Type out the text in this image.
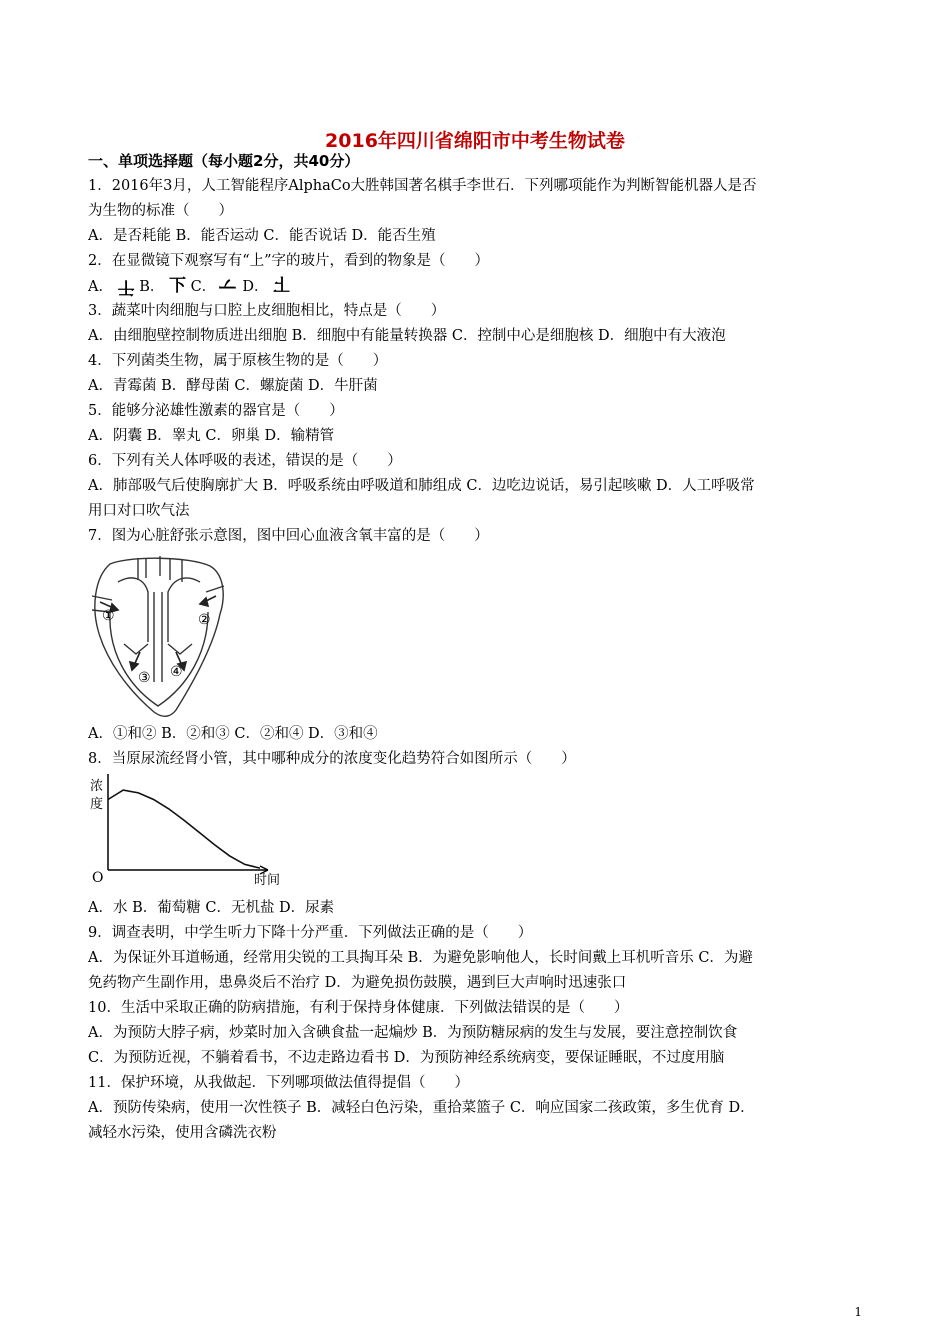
2016年四川省绵阳市中考生物试卷
一、单项选择题（每小题2分，共40分）
1．2016年3月，人工智能程序AlphaCo大胜韩国著名棋手李世石．下列哪项能作为判断智能机器人是否
为生物的标准（　　）
A．是否耗能 B．能否运动 C．能否说话 D．能否生殖
2．在显微镜下观察写有“上”字的玻片，看到的物象是（　　）
A． 干 B． 下 C． 卜 D． 上
3．蔬菜叶肉细胞与口腔上皮细胞相比，特点是（　　）
A．由细胞壁控制物质进出细胞 B．细胞中有能量转换器 C．控制中心是细胞核 D．细胞中有大液泡
4．下列菌类生物，属于原核生物的是（　　）
A．青霉菌 B．酵母菌 C．螺旋菌 D．牛肝菌
5．能够分泌雄性激素的器官是（　　）
A．阴囊 B．睾丸 C．卵巢 D．输精管
6．下列有关人体呼吸的表述，错误的是（　　）
A．肺部吸气后使胸廓扩大 B．呼吸系统由呼吸道和肺组成 C．边吃边说话，易引起咳嗽 D．人工呼吸常
用口对口吹气法
7．图为心脏舒张示意图，图中回心血液含氧丰富的是（　　）
①	②
③ ④
A．①和② B．②和③ C．②和④ D．③和④
8．当原尿流经肾小管，其中哪种成分的浓度变化趋势符合如图所示（　　）
浓
度
O	时间
A．水 B．葡萄糖 C．无机盐 D．尿素
9．调查表明，中学生听力下降十分严重．下列做法正确的是（　　）
A．为保证外耳道畅通，经常用尖锐的工具掏耳朵 B．为避免影响他人，长时间戴上耳机听音乐 C．为避
免药物产生副作用，患鼻炎后不治疗 D．为避免损伤鼓膜，遇到巨大声响时迅速张口
10．生活中采取正确的防病措施，有利于保持身体健康．下列做法错误的是（　　）
A．为预防大脖子病，炒菜时加入含碘食盐一起煸炒 B．为预防糖尿病的发生与发展，要注意控制饮食
C．为预防近视，不躺着看书，不边走路边看书 D．为预防神经系统病变，要保证睡眠，不过度用脑
11．保护环境，从我做起．下列哪项做法值得提倡（　　）
A．预防传染病，使用一次性筷子 B．减轻白色污染，重拾菜篮子 C．响应国家二孩政策，多生优育 D．
减轻水污染，使用含磷洗衣粉
1
